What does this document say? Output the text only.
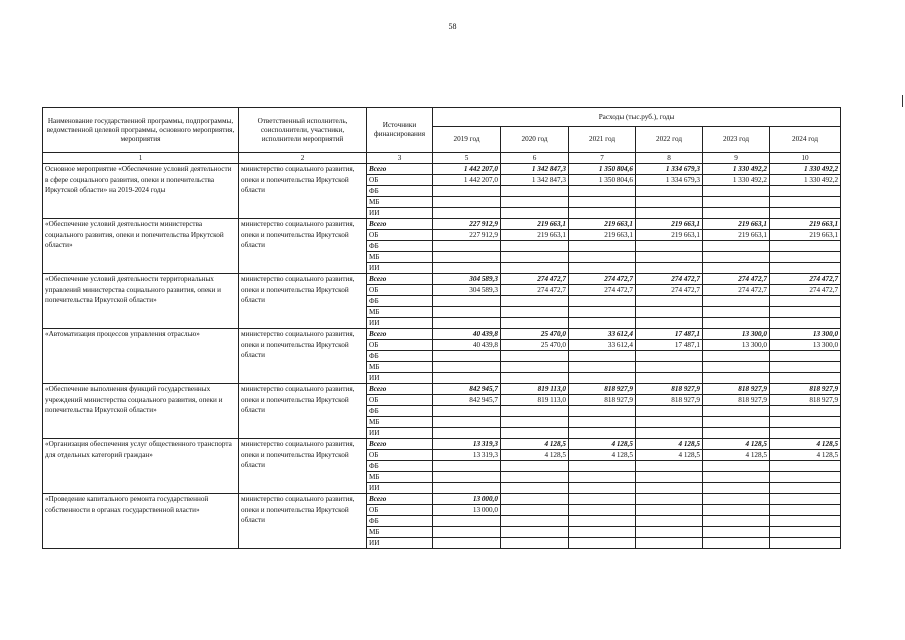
58
Наименование государственной программы, подпрограммы, ведомственной целевой программы, основного мероприятия, мероприятия	Ответственный исполнитель, соисполнители, участники, исполнители мероприятий	Источники финансирования	Расходы (тыс.руб.), годы					
			2019 год	2020 год	2021 год	2022 год	2023 год	2024 год
1	2	3	5	6	7	8	9	10
Основное мероприятие «Обеспечение условий деятельности в сфере социального развития, опеки и попечительства Иркутской области» на 2019-2024 годы	министерство социального развития, опеки и попечительства Иркутской области	Всего	1 442 207,0	1 342 847,3	1 350 804,6	1 334 679,3	1 330 492,2	1 330 492,2
		ОБ	1 442 207,0	1 342 847,3	1 350 804,6	1 334 679,3	1 330 492,2	1 330 492,2
		ФБ						
		МБ						
		ИИ						
«Обеспечение условий деятельности министерства социального развития, опеки и попечительства Иркутской области»	министерство социального развития, опеки и попечительства Иркутской области	Всего	227 912,9	219 663,1	219 663,1	219 663,1	219 663,1	219 663,1
		ОБ	227 912,9	219 663,1	219 663,1	219 663,1	219 663,1	219 663,1
		ФБ						
		МБ						
		ИИ						
«Обеспечение условий деятельности территориальных управлений министерства социального развития, опеки и попечительства Иркутской области»	министерство социального развития, опеки и попечительства Иркутской области	Всего	304 589,3	274 472,7	274 472,7	274 472,7	274 472,7	274 472,7
		ОБ	304 589,3	274 472,7	274 472,7	274 472,7	274 472,7	274 472,7
		ФБ						
		МБ						
		ИИ						
«Автоматизация процессов управления отраслью»	министерство социального развития, опеки и попечительства Иркутской области	Всего	40 439,8	25 470,0	33 612,4	17 487,1	13 300,0	13 300,0
		ОБ	40 439,8	25 470,0	33 612,4	17 487,1	13 300,0	13 300,0
		ФБ						
		МБ						
		ИИ						
«Обеспечение выполнения функций государственных учреждений министерства социального развития, опеки и попечительства Иркутской области»	министерство социального развития, опеки и попечительства Иркутской области	Всего	842 945,7	819 113,0	818 927,9	818 927,9	818 927,9	818 927,9
		ОБ	842 945,7	819 113,0	818 927,9	818 927,9	818 927,9	818 927,9
		ФБ						
		МБ						
		ИИ						
«Организация обеспечения услуг общественного транспорта для отдельных категорий граждан»	министерство социального развития, опеки и попечительства Иркутской области	Всего	13 319,3	4 128,5	4 128,5	4 128,5	4 128,5	4 128,5
		ОБ	13 319,3	4 128,5	4 128,5	4 128,5	4 128,5	4 128,5
		ФБ						
		МБ						
		ИИ						
«Проведение капитального ремонта государственной собственности в органах государственной власти»	министерство социального развития, опеки и попечительства Иркутской области	Всего	13 000,0					
		ОБ	13 000,0					
		ФБ						
		МБ						
		ИИ						
